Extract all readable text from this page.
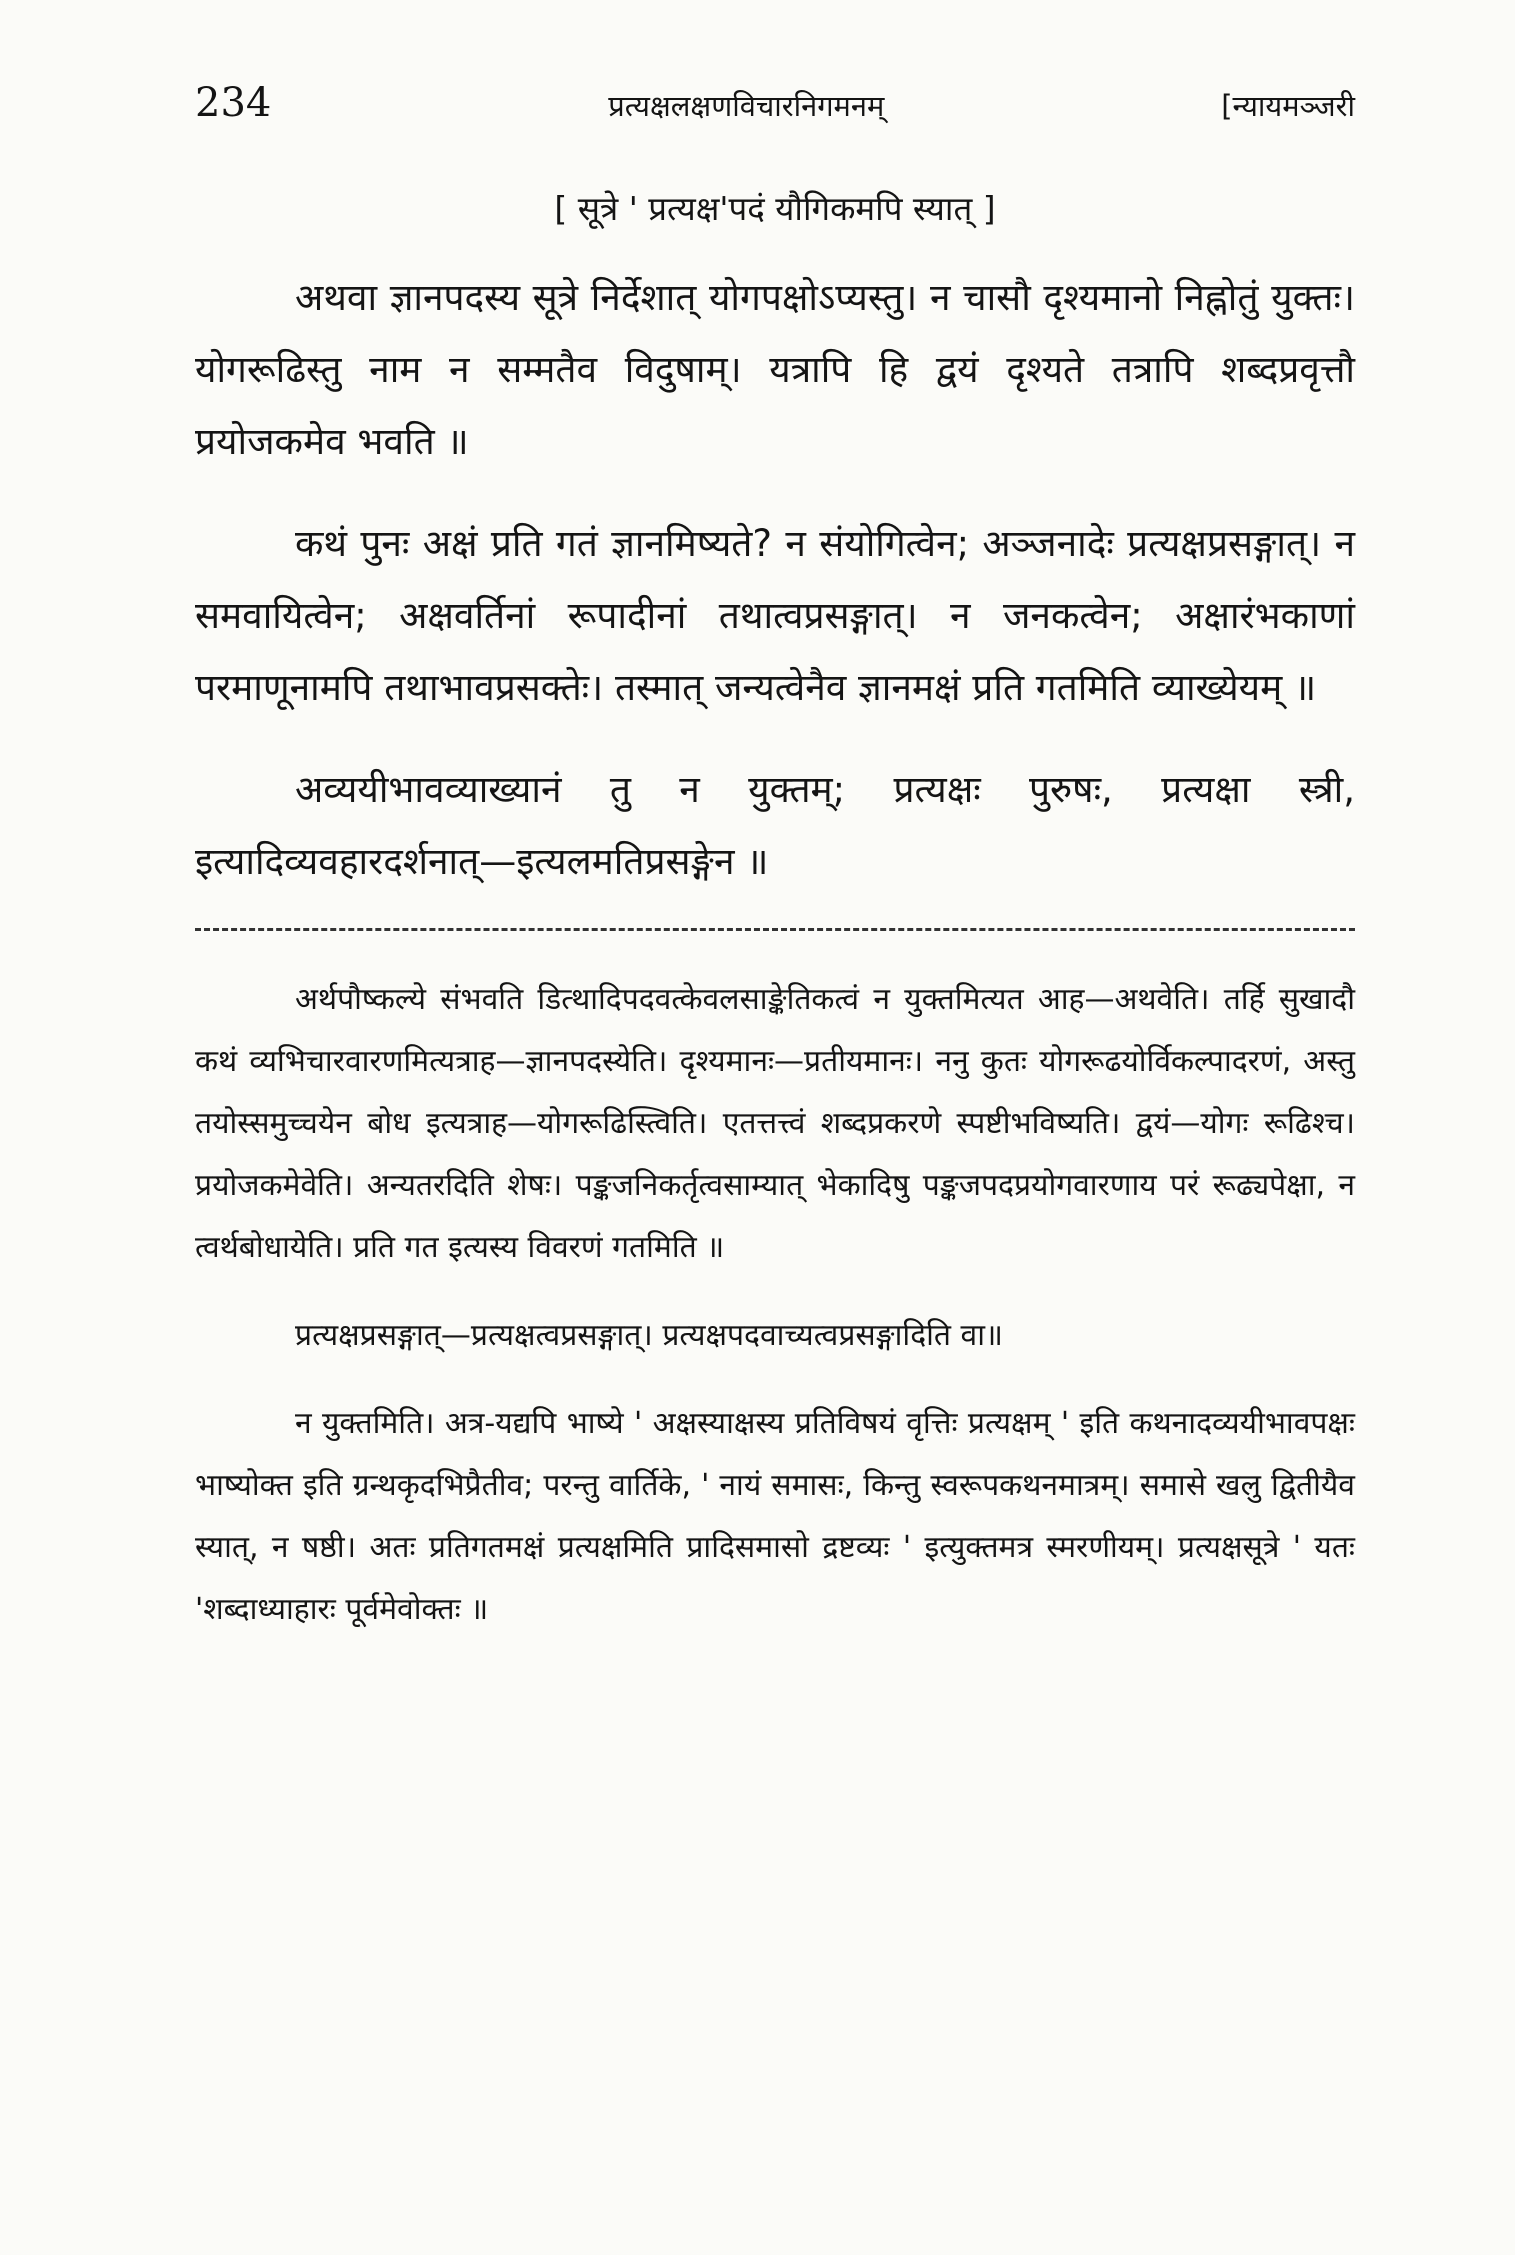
234	प्रत्यक्षलक्षणविचारनिगमनम्	[न्यायमञ्जरी
[ सूत्रे ' प्रत्यक्ष'पदं यौगिकमपि स्यात् ]

अथवा ज्ञानपदस्य सूत्रे निर्देशात् योगपक्षोऽप्यस्तु। न चासौ दृश्यमानो निह्नोतुं युक्तः। योगरूढिस्तु नाम न सम्मतैव विदुषाम्। यत्रापि हि द्वयं दृश्यते तत्रापि शब्दप्रवृत्तौ प्रयोजकमेव भवति ॥

कथं पुनः अक्षं प्रति गतं ज्ञानमिष्यते? न संयोगित्वेन; अञ्जनादेः प्रत्यक्षप्रसङ्गात्। न समवायित्वेन; अक्षवर्तिनां रूपादीनां तथात्वप्रसङ्गात्। न जनकत्वेन; अक्षारंभकाणां परमाणूनामपि तथाभावप्रसक्तेः। तस्मात् जन्यत्वेनैव ज्ञानमक्षं प्रति गतमिति व्याख्येयम् ॥

अव्ययीभावव्याख्यानं तु न युक्तम्; प्रत्यक्षः पुरुषः, प्रत्यक्षा स्त्री, इत्यादिव्यवहारदर्शनात्—इत्यलमतिप्रसङ्गेन ॥

अर्थपौष्कल्ये संभवति डित्थादिपदवत्केवलसाङ्केतिकत्वं न युक्तमित्यत आह—अथवेति। तर्हि सुखादौ कथं व्यभिचारवारणमित्यत्राह—ज्ञानपदस्येति। दृश्यमानः—प्रतीयमानः। ननु कुतः योगरूढयोर्विकल्पादरणं, अस्तु तयोस्समुच्चयेन बोध इत्यत्राह—योगरूढिस्त्विति। एतत्तत्त्वं शब्दप्रकरणे स्पष्टीभविष्यति। द्वयं—योगः रूढिश्च। प्रयोजकमेवेति। अन्यतरदिति शेषः। पङ्कजनिकर्तृत्वसाम्यात् भेकादिषु पङ्कजपदप्रयोगवारणाय परं रूढ्यपेक्षा, न त्वर्थबोधायेति। प्रति गत इत्यस्य विवरणं गतमिति ॥

प्रत्यक्षप्रसङ्गात्—प्रत्यक्षत्वप्रसङ्गात्। प्रत्यक्षपदवाच्यत्वप्रसङ्गादिति वा॥

न युक्तमिति। अत्र-यद्यपि भाष्ये ' अक्षस्याक्षस्य प्रतिविषयं वृत्तिः प्रत्यक्षम् ' इति कथनादव्ययीभावपक्षः भाष्योक्त इति ग्रन्थकृदभिप्रैतीव; परन्तु वार्तिके, ' नायं समासः, किन्तु स्वरूपकथनमात्रम्। समासे खलु द्वितीयैव स्यात्, न षष्ठी। अतः प्रतिगतमक्षं प्रत्यक्षमिति प्रादिसमासो द्रष्टव्यः ' इत्युक्तमत्र स्मरणीयम्। प्रत्यक्षसूत्रे ' यतः 'शब्दाध्याहारः पूर्वमेवोक्तः ॥
